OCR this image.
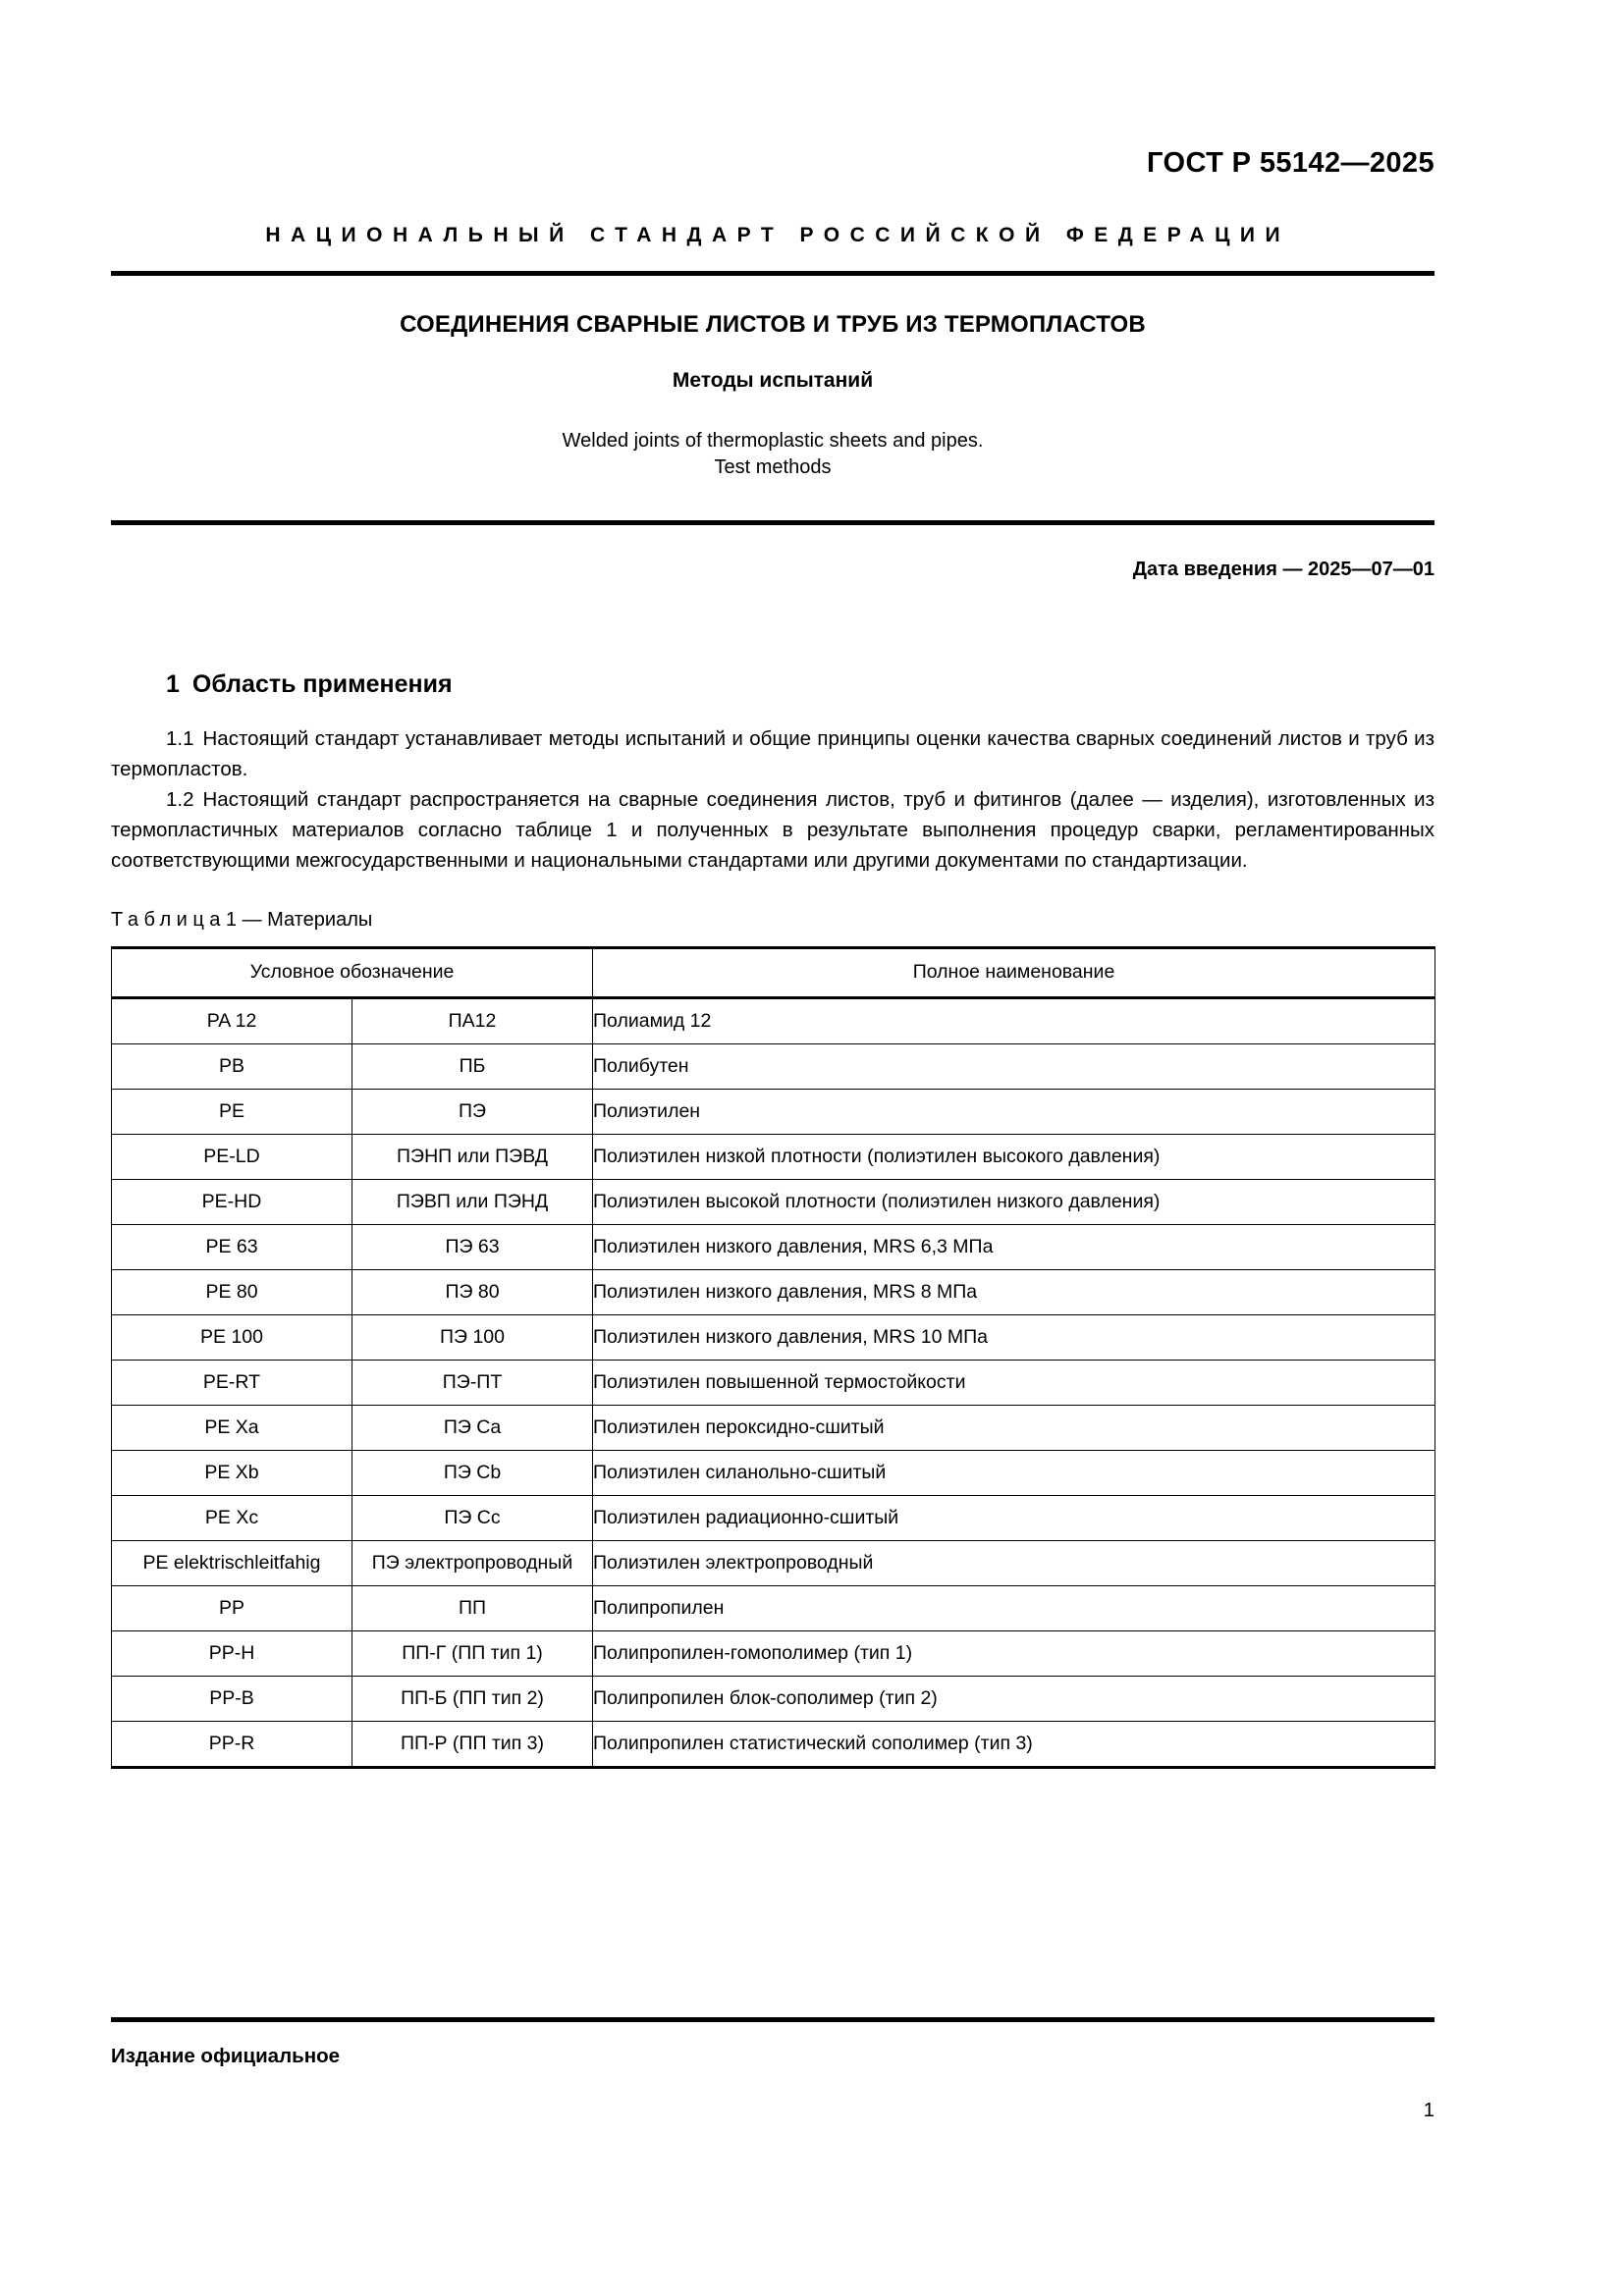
ГОСТ Р 55142—2025
НАЦИОНАЛЬНЫЙ СТАНДАРТ РОССИЙСКОЙ ФЕДЕРАЦИИ
СОЕДИНЕНИЯ СВАРНЫЕ ЛИСТОВ И ТРУБ ИЗ ТЕРМОПЛАСТОВ
Методы испытаний
Welded joints of thermoplastic sheets and pipes.
Test methods
Дата введения — 2025—07—01
1 Область применения

1.1 Настоящий стандарт устанавливает методы испытаний и общие принципы оценки качества сварных соединений листов и труб из термопластов.

1.2 Настоящий стандарт распространяется на сварные соединения листов, труб и фитингов (далее — изделия), изготовленных из термопластичных материалов согласно таблице 1 и полученных в результате выполнения процедур сварки, регламентированных соответствующими межгосударственными и национальными стандартами или другими документами по стандартизации.

Таблица1 — Материалы
Условное обозначение		Полное наименование
PA 12	ПА12	Полиамид 12
PB	ПБ	Полибутен
PE	ПЭ	Полиэтилен
PE-LD	ПЭНП или ПЭВД	Полиэтилен низкой плотности (полиэтилен высокого давления)
PE-HD	ПЭВП или ПЭНД	Полиэтилен высокой плотности (полиэтилен низкого давления)
PE 63	ПЭ 63	Полиэтилен низкого давления, MRS 6,3 МПа
PE 80	ПЭ 80	Полиэтилен низкого давления, MRS 8 МПа
PE 100	ПЭ 100	Полиэтилен низкого давления, MRS 10 МПа
PE-RT	ПЭ-ПТ	Полиэтилен повышенной термостойкости
PE Xa	ПЭ Ca	Полиэтилен пероксидно-сшитый
PE Xb	ПЭ Cb	Полиэтилен силанольно-сшитый
PE Xc	ПЭ Cc	Полиэтилен радиационно-сшитый
PE elektrischleitfahig	ПЭ электропроводный	Полиэтилен электропроводный
PP	ПП	Полипропилен
PP-H	ПП-Г (ПП тип 1)	Полипропилен-гомополимер (тип 1)
PP-B	ПП-Б (ПП тип 2)	Полипропилен блок-сополимер (тип 2)
PP-R	ПП-Р (ПП тип 3)	Полипропилен статистический сополимер (тип 3)
Издание официальное
1
